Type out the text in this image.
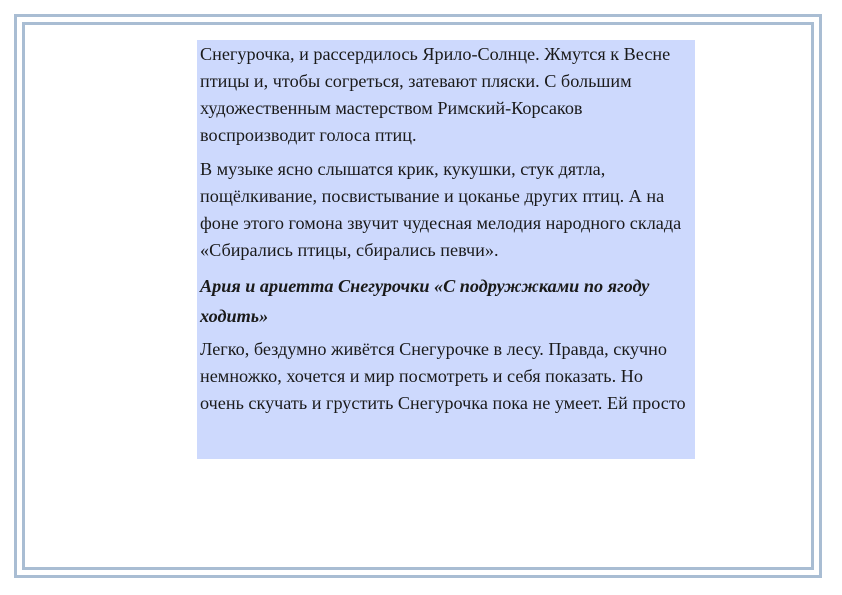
Снегурочка, и рассердилось Ярило-Солнце. Жмутся к Весне птицы и, чтобы согреться, затевают пляски. С большим художественным мастерством Римский-Корсаков воспроизводит голоса птиц.

В музыке ясно слышатся крик, кукушки, стук дятла, пощёлкивание, посвистывание и цоканье других птиц. А на фоне этого гомона звучит чудесная мелодия народного склада «Сбирались птицы, сбирались певчи».

Ария и ариетта Снегурочки «С подружжками по ягоду ходить»

Легко, бездумно живётся Снегурочке в лесу. Правда, скучно немножко, хочется и мир посмотреть и себя показать. Но очень скучать и грустить Снегурочка пока не умеет. Ей просто
